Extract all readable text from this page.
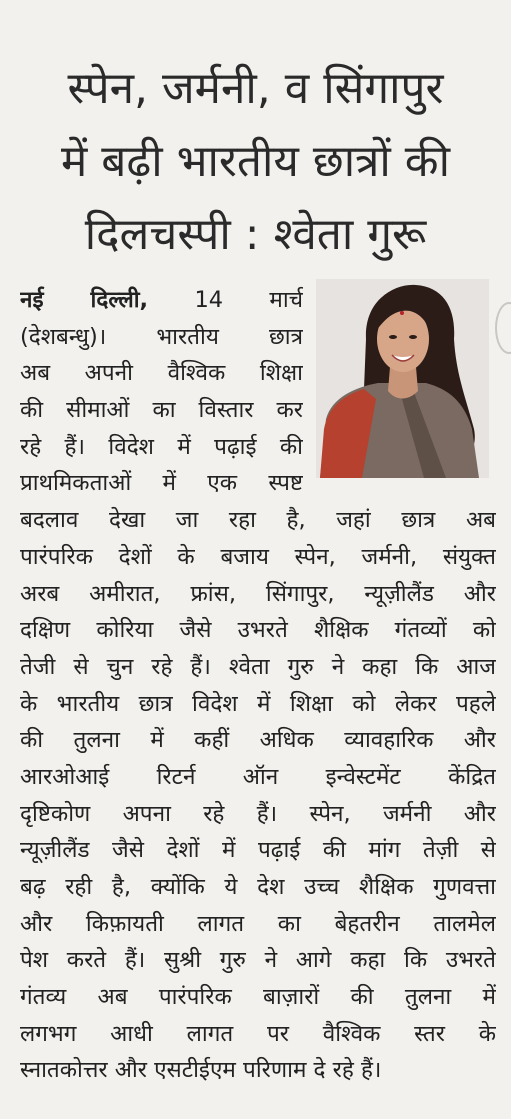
स्पेन, जर्मनी, व सिंगापुर
में बढ़ी भारतीय छात्रों की
दिलचस्पी : श्वेता गुरू
नई दिल्ली, 14 मार्च
(देशबन्धु)। भारतीय छात्र
अब अपनी वैश्विक शिक्षा
की सीमाओं का विस्तार कर
रहे हैं। विदेश में पढ़ाई की
प्राथमिकताओं में एक स्पष्ट
बदलाव देखा जा रहा है, जहां छात्र अब
पारंपरिक देशों के बजाय स्पेन, जर्मनी, संयुक्त
अरब अमीरात, फ्रांस, सिंगापुर, न्यूज़ीलैंड और
दक्षिण कोरिया जैसे उभरते शैक्षिक गंतव्यों को
तेजी से चुन रहे हैं। श्वेता गुरु ने कहा कि आज
के भारतीय छात्र विदेश में शिक्षा को लेकर पहले
की तुलना में कहीं अधिक व्यावहारिक और
आरओआई रिटर्न ऑन इन्वेस्टमेंट केंद्रित
दृष्टिकोण अपना रहे हैं। स्पेन, जर्मनी और
न्यूज़ीलैंड जैसे देशों में पढ़ाई की मांग तेज़ी से
बढ़ रही है, क्योंकि ये देश उच्च शैक्षिक गुणवत्ता
और किफ़ायती लागत का बेहतरीन तालमेल
पेश करते हैं। सुश्री गुरु ने आगे कहा कि उभरते
गंतव्य अब पारंपरिक बाज़ारों की तुलना में
लगभग आधी लागत पर वैश्विक स्तर के
स्नातकोत्तर और एसटीईएम परिणाम दे रहे हैं।
